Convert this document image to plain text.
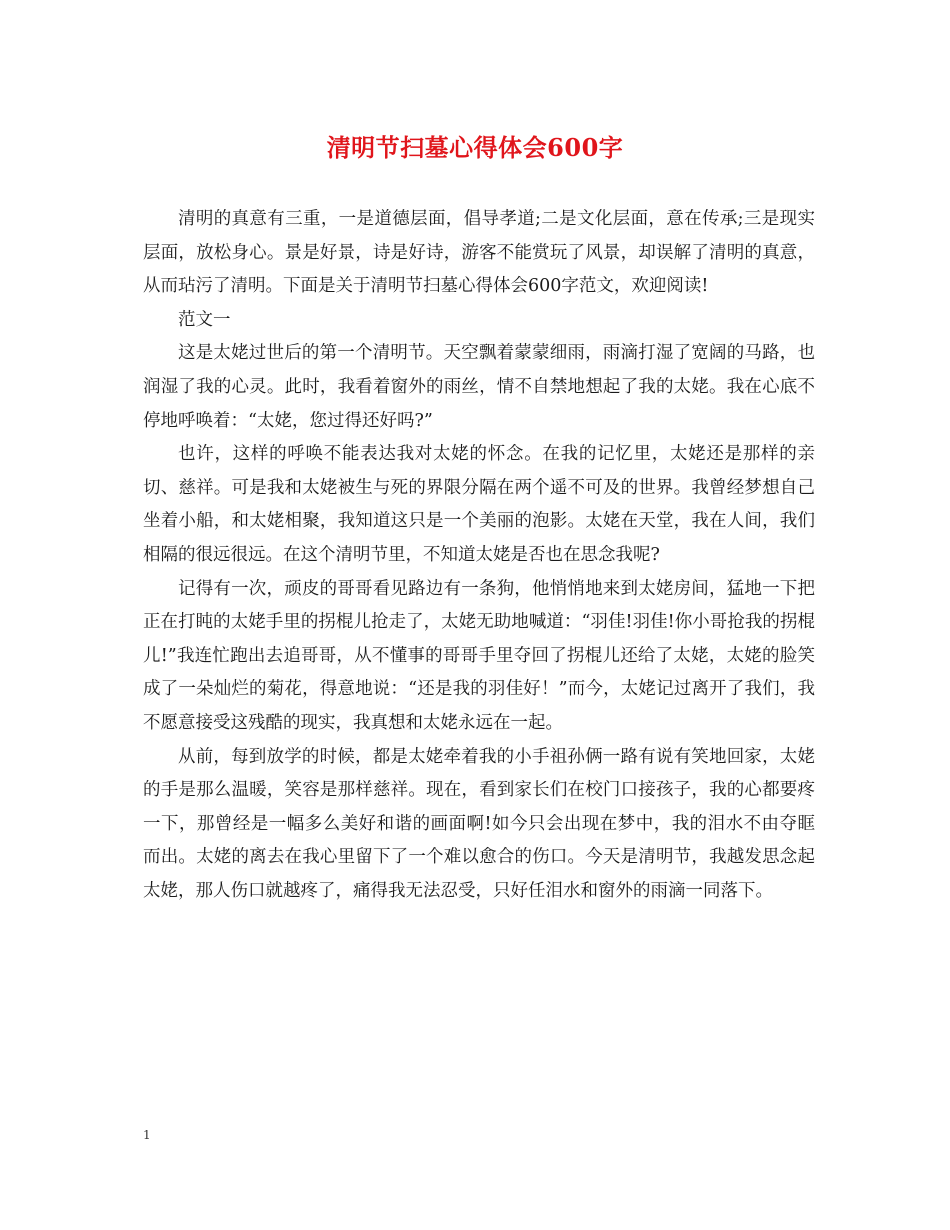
清明节扫墓心得体会600字

清明的真意有三重，一是道德层面，倡导孝道;二是文化层面，意在传承;三是现实层面，放松身心。景是好景，诗是好诗，游客不能赏玩了风景，却误解了清明的真意，从而玷污了清明。下面是关于清明节扫墓心得体会600字范文，欢迎阅读!

范文一

这是太姥过世后的第一个清明节。天空飘着蒙蒙细雨，雨滴打湿了宽阔的马路，也润湿了我的心灵。此时，我看着窗外的雨丝，情不自禁地想起了我的太姥。我在心底不停地呼唤着：“太姥，您过得还好吗?”

也许，这样的呼唤不能表达我对太姥的怀念。在我的记忆里，太姥还是那样的亲切、慈祥。可是我和太姥被生与死的界限分隔在两个遥不可及的世界。我曾经梦想自己坐着小船，和太姥相聚，我知道这只是一个美丽的泡影。太姥在天堂，我在人间，我们相隔的很远很远。在这个清明节里，不知道太姥是否也在思念我呢?

记得有一次，顽皮的哥哥看见路边有一条狗，他悄悄地来到太姥房间，猛地一下把正在打盹的太姥手里的拐棍儿抢走了，太姥无助地喊道：“羽佳!羽佳!你小哥抢我的拐棍儿!”我连忙跑出去追哥哥，从不懂事的哥哥手里夺回了拐棍儿还给了太姥，太姥的脸笑成了一朵灿烂的菊花，得意地说：“还是我的羽佳好！”而今，太姥记过离开了我们，我不愿意接受这残酷的现实，我真想和太姥永远在一起。

从前，每到放学的时候，都是太姥牵着我的小手祖孙俩一路有说有笑地回家，太姥的手是那么温暖，笑容是那样慈祥。现在，看到家长们在校门口接孩子，我的心都要疼一下，那曾经是一幅多么美好和谐的画面啊!如今只会出现在梦中，我的泪水不由夺眶而出。太姥的离去在我心里留下了一个难以愈合的伤口。今天是清明节，我越发思念起太姥，那人伤口就越疼了，痛得我无法忍受，只好任泪水和窗外的雨滴一同落下。

1
